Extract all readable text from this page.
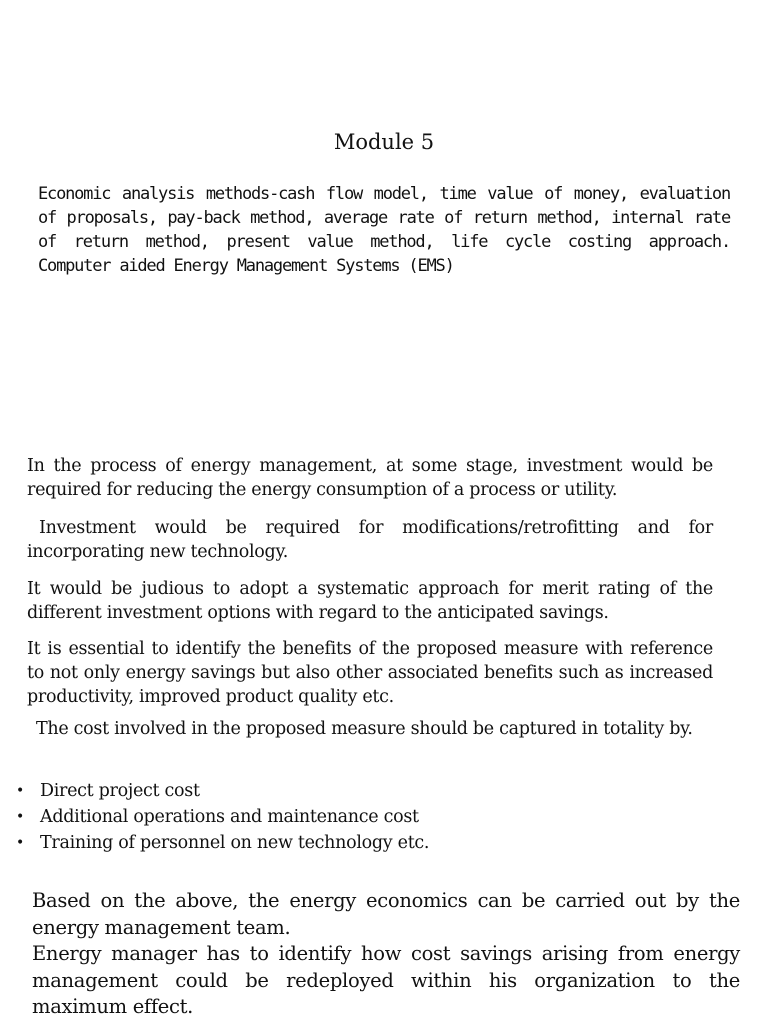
Module 5

Economic analysis methods-cash flow model, time value of money, evaluation of proposals, pay-back method, average rate of return method, internal rate of return method, present value method, life cycle costing approach. Computer aided Energy Management Systems (EMS)

In the process of energy management, at some stage, investment would be required for reducing the energy consumption of a process or utility.

Investment would be required for modifications/retrofitting and for incorporating new technology.

It would be judious to adopt a systematic approach for merit rating of the different investment options with regard to the anticipated savings.

It is essential to identify the benefits of the proposed measure with reference to not only energy savings but also other associated benefits such as increased productivity, improved product quality etc.

The cost involved in the proposed measure should be captured in totality by.

• Direct project cost
• Additional operations and maintenance cost
• Training of personnel on new technology etc.
Based on the above, the energy economics can be carried out by the energy management team.
Energy manager has to identify how cost savings arising from energy management could be redeployed within his organization to the maximum effect.
